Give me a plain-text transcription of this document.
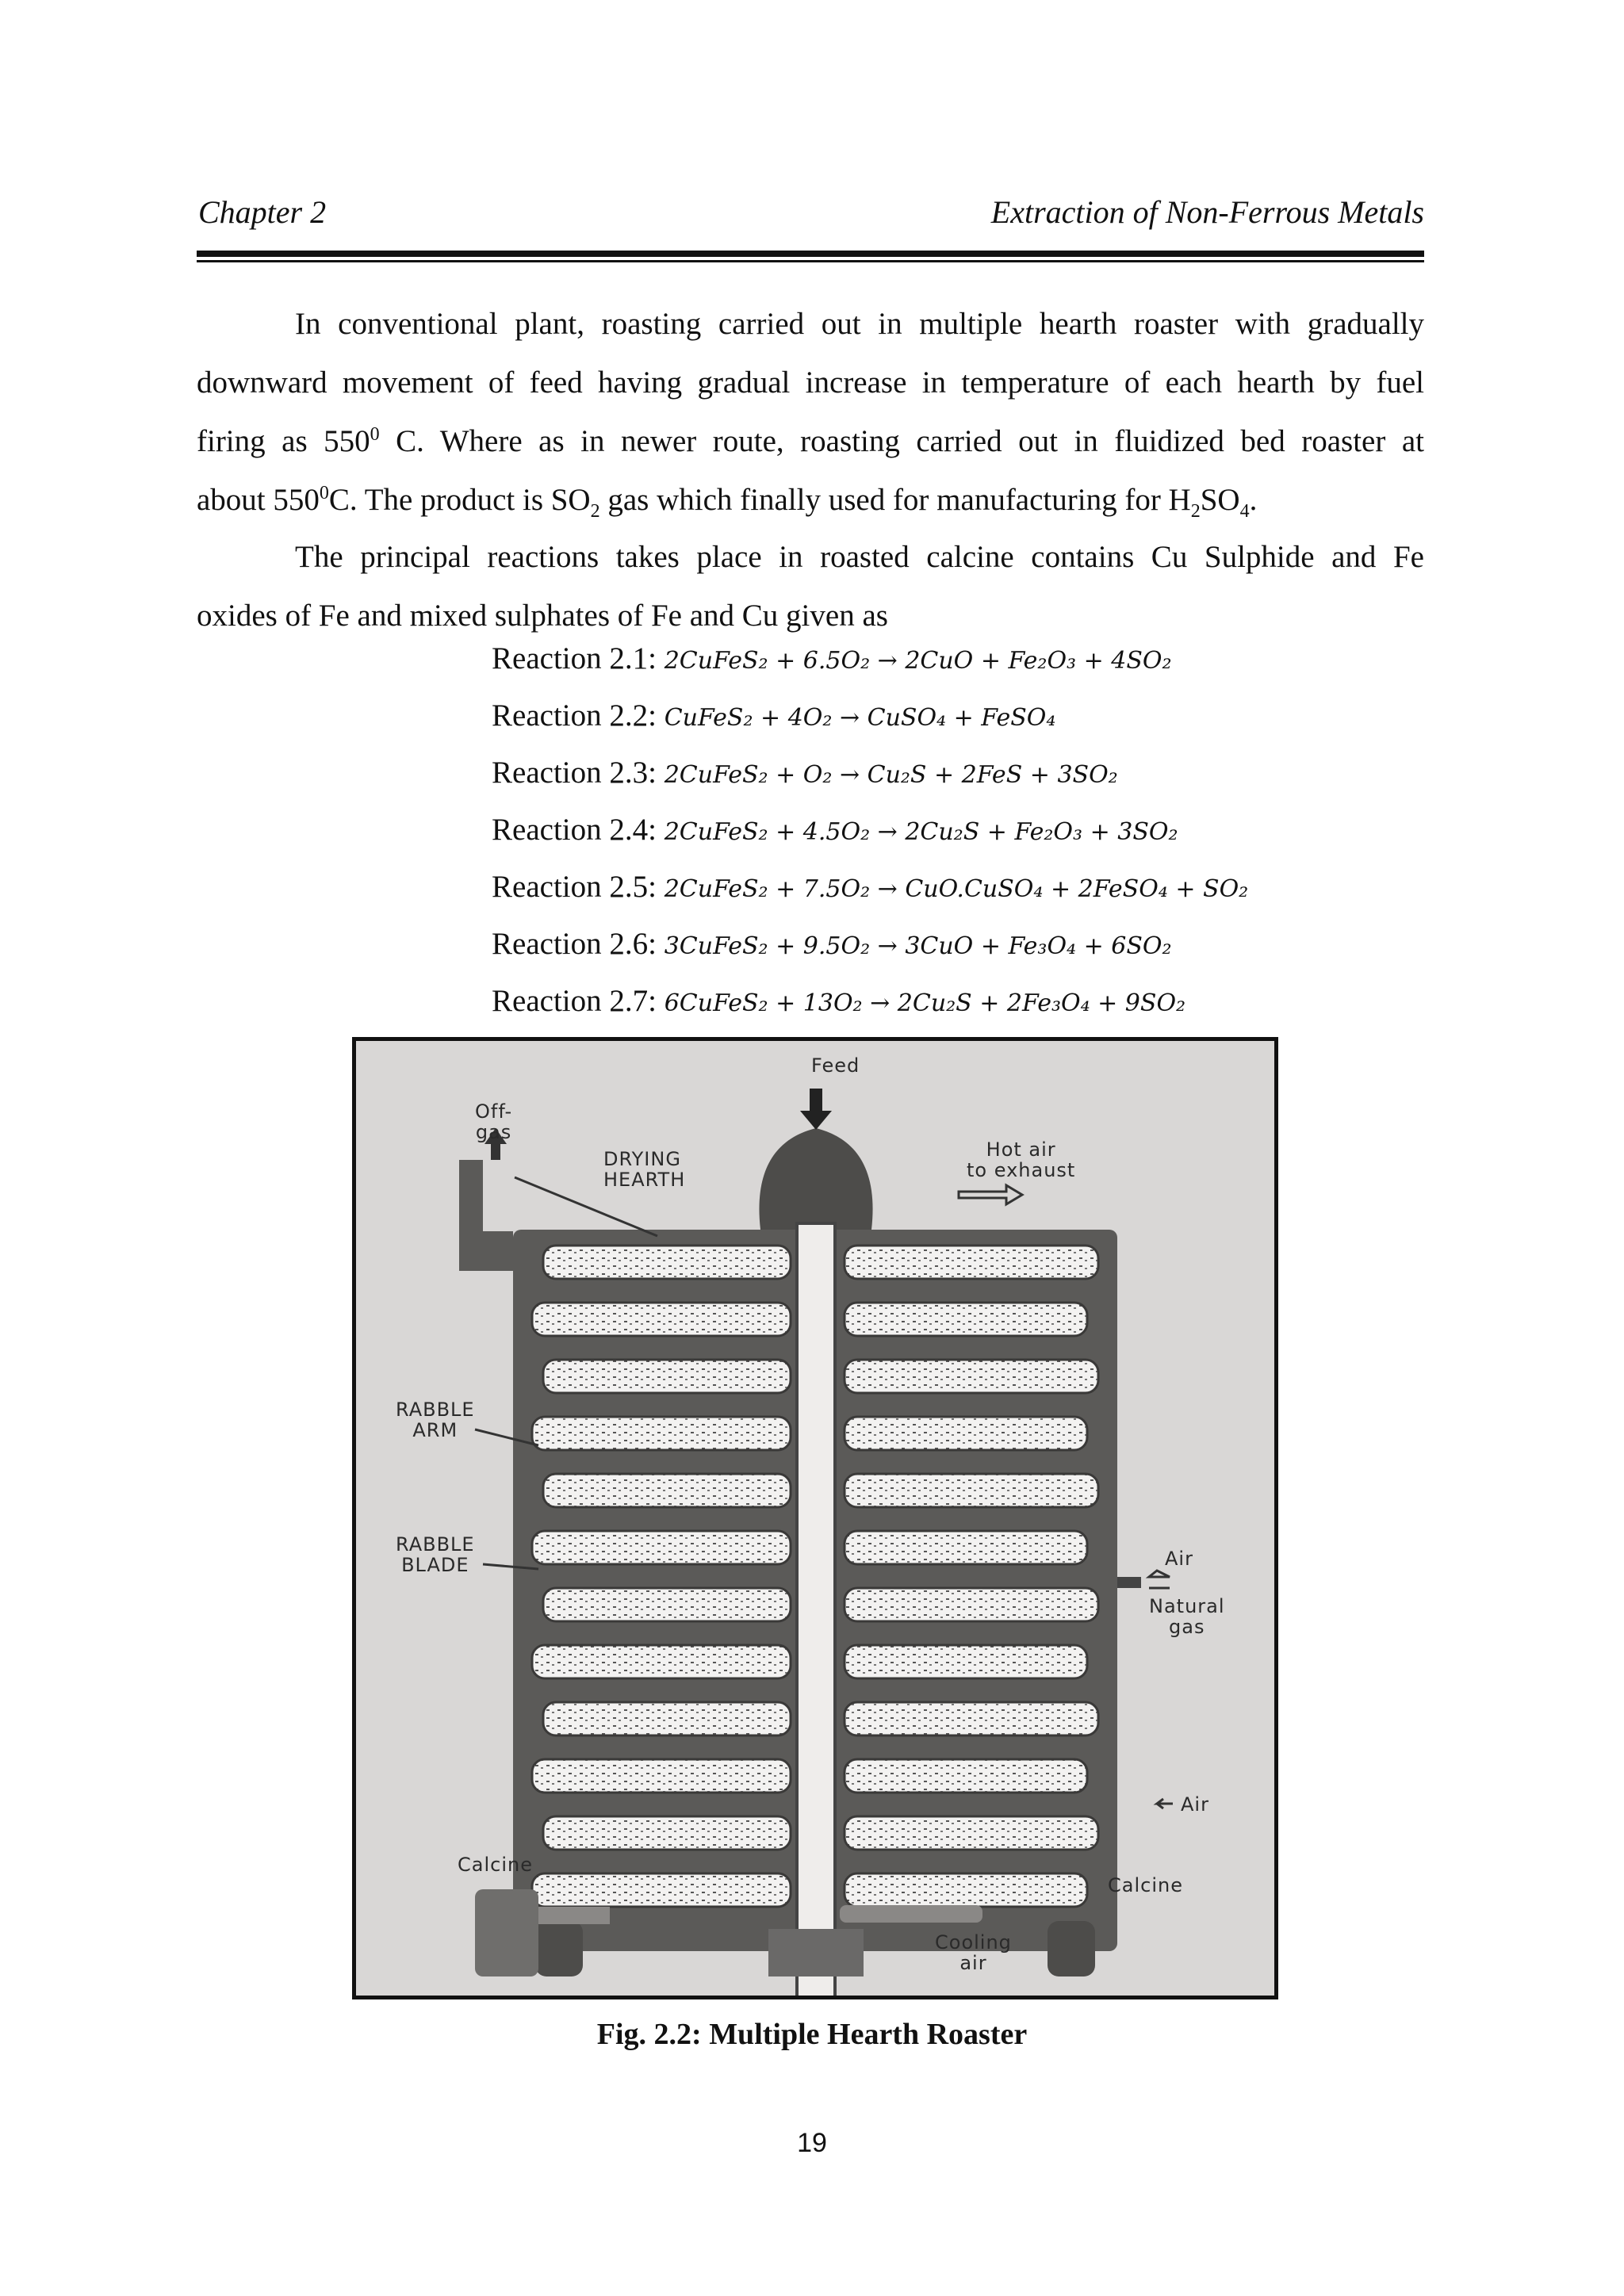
Chapter 2	Extraction of Non-Ferrous Metals
In conventional plant, roasting carried out in multiple hearth roaster with gradually
downward movement of feed having gradual increase in temperature of each hearth by fuel
firing as $550^0$ C. Where as in newer route, roasting carried out in fluidized bed roaster at
about $550^0C$. The product is $SO_2$ gas which finally used for manufacturing for $H_2SO_4$.
The principal reactions takes place in roasted calcine contains Cu Sulphide and Fe
oxides of Fe and mixed sulphates of Fe and Cu given as
Reaction 2.1: 2CuFeS₂ + 6.5O₂ → 2CuO + Fe₂O₃ + 4SO₂
Reaction 2.2: CuFeS₂ + 4O₂ → CuSO₄ + FeSO₄
Reaction 2.3: 2CuFeS₂ + O₂ → Cu₂S + 2FeS + 3SO₂
Reaction 2.4: 2CuFeS₂ + 4.5O₂ → 2Cu₂S + Fe₂O₃ + 3SO₂
Reaction 2.5: 2CuFeS₂ + 7.5O₂ → CuO.CuSO₄ + 2FeSO₄ + SO₂
Reaction 2.6: 3CuFeS₂ + 9.5O₂ → 3CuO + Fe₃O₄ + 6SO₂
Reaction 2.7: 6CuFeS₂ + 13O₂ → 2Cu₂S + 2Fe₃O₄ + 9SO₂
Feed
Off-
gas
DRYING
HEARTH
Hot air
to exhaust
RABBLE
ARM
RABBLE
BLADE	Air
Natural
gas
Air
Calcine
Calcine
Cooling
air
Fig. 2.2: Multiple Hearth Roaster
19
